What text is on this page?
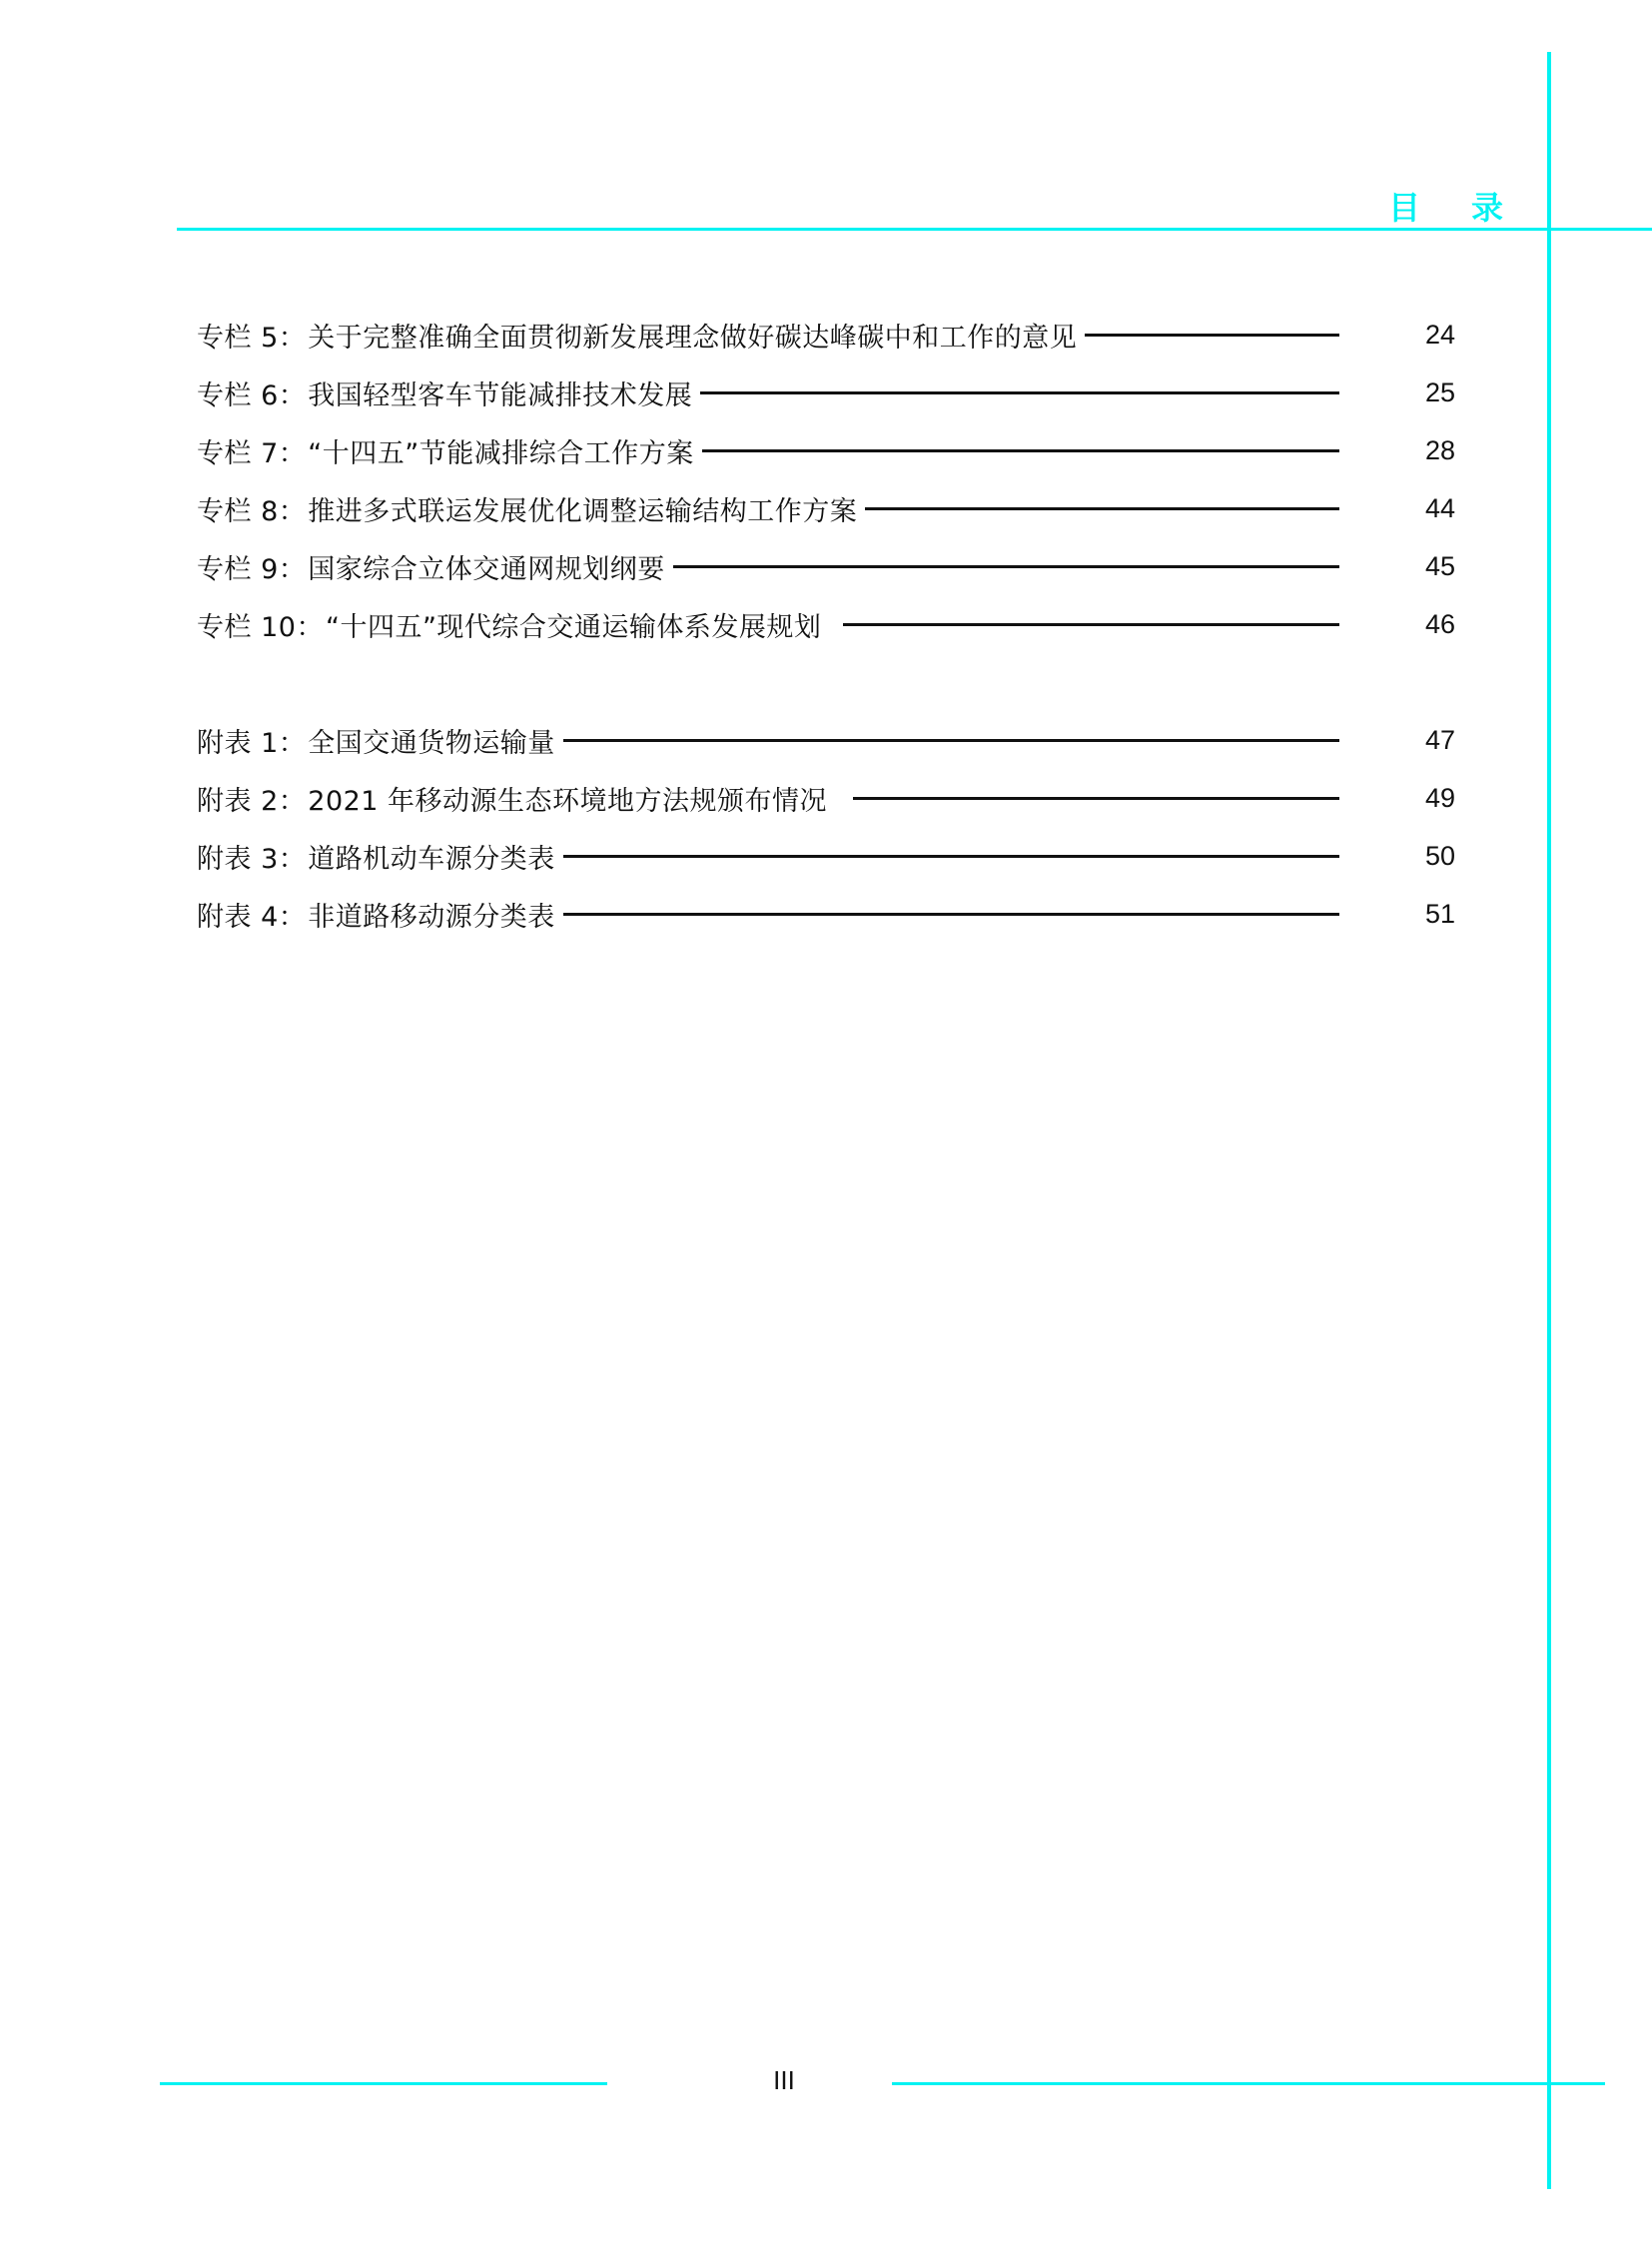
目 录
专栏 5：关于完整准确全面贯彻新发展理念做好碳达峰碳中和工作的意见	24
专栏 6：我国轻型客车节能减排技术发展	25
专栏 7：“十四五”节能减排综合工作方案	28
专栏 8：推进多式联运发展优化调整运输结构工作方案	44
专栏 9：国家综合立体交通网规划纲要	45
专栏 10：“十四五”现代综合交通运输体系发展规划	46
附表 1：全国交通货物运输量	47
附表 2：2021 年移动源生态环境地方法规颁布情况	49
附表 3：道路机动车源分类表	50
附表 4：非道路移动源分类表	51
III
